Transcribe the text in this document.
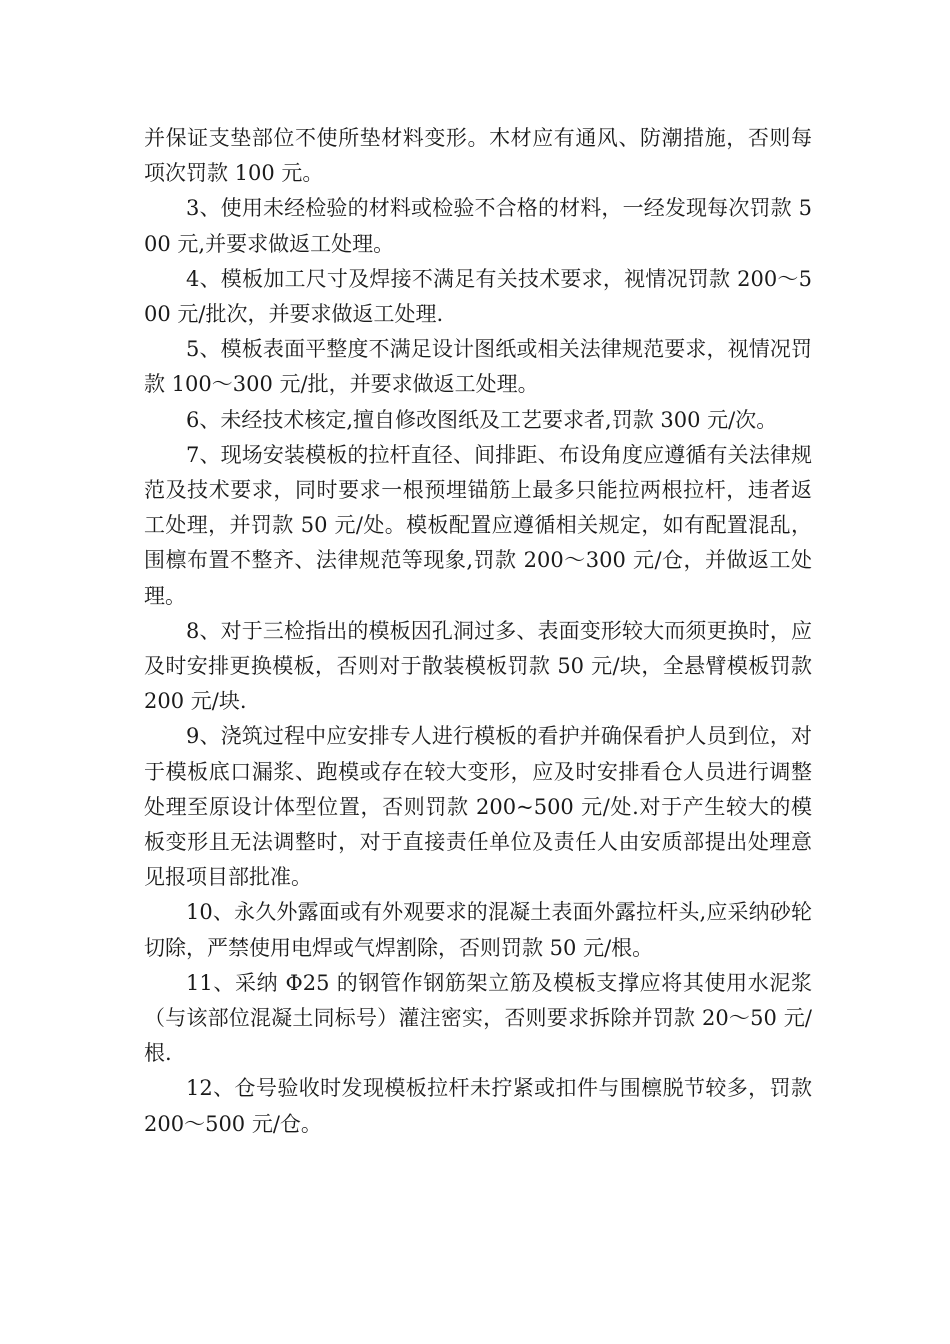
并保证支垫部位不使所垫材料变形。木材应有通风、防潮措施，否则每项次罚款 100 元。

3、使用未经检验的材料或检验不合格的材料，一经发现每次罚款 500 元,并要求做返工处理。

4、模板加工尺寸及焊接不满足有关技术要求，视情况罚款 200～500 元/批次，并要求做返工处理.

5、模板表面平整度不满足设计图纸或相关法律规范要求，视情况罚款 100～300 元/批，并要求做返工处理。

6、未经技术核定,擅自修改图纸及工艺要求者,罚款 300 元/次。

7、现场安装模板的拉杆直径、间排距、布设角度应遵循有关法律规范及技术要求，同时要求一根预埋锚筋上最多只能拉两根拉杆，违者返工处理，并罚款 50 元/处。模板配置应遵循相关规定，如有配置混乱，围檩布置不整齐、法律规范等现象,罚款 200～300 元/仓，并做返工处理。

8、对于三检指出的模板因孔洞过多、表面变形较大而须更换时，应及时安排更换模板，否则对于散装模板罚款 50 元/块，全悬臂模板罚款 200 元/块.

9、浇筑过程中应安排专人进行模板的看护并确保看护人员到位，对于模板底口漏浆、跑模或存在较大变形，应及时安排看仓人员进行调整处理至原设计体型位置，否则罚款 200~500 元/处.对于产生较大的模板变形且无法调整时，对于直接责任单位及责任人由安质部提出处理意见报项目部批准。

10、永久外露面或有外观要求的混凝土表面外露拉杆头,应采纳砂轮切除，严禁使用电焊或气焊割除，否则罚款 50 元/根。

11、采纳 Φ25 的钢管作钢筋架立筋及模板支撑应将其使用水泥浆（与该部位混凝土同标号）灌注密实，否则要求拆除并罚款 20～50 元/根.

12、仓号验收时发现模板拉杆未拧紧或扣件与围檩脱节较多，罚款 200～500 元/仓。
